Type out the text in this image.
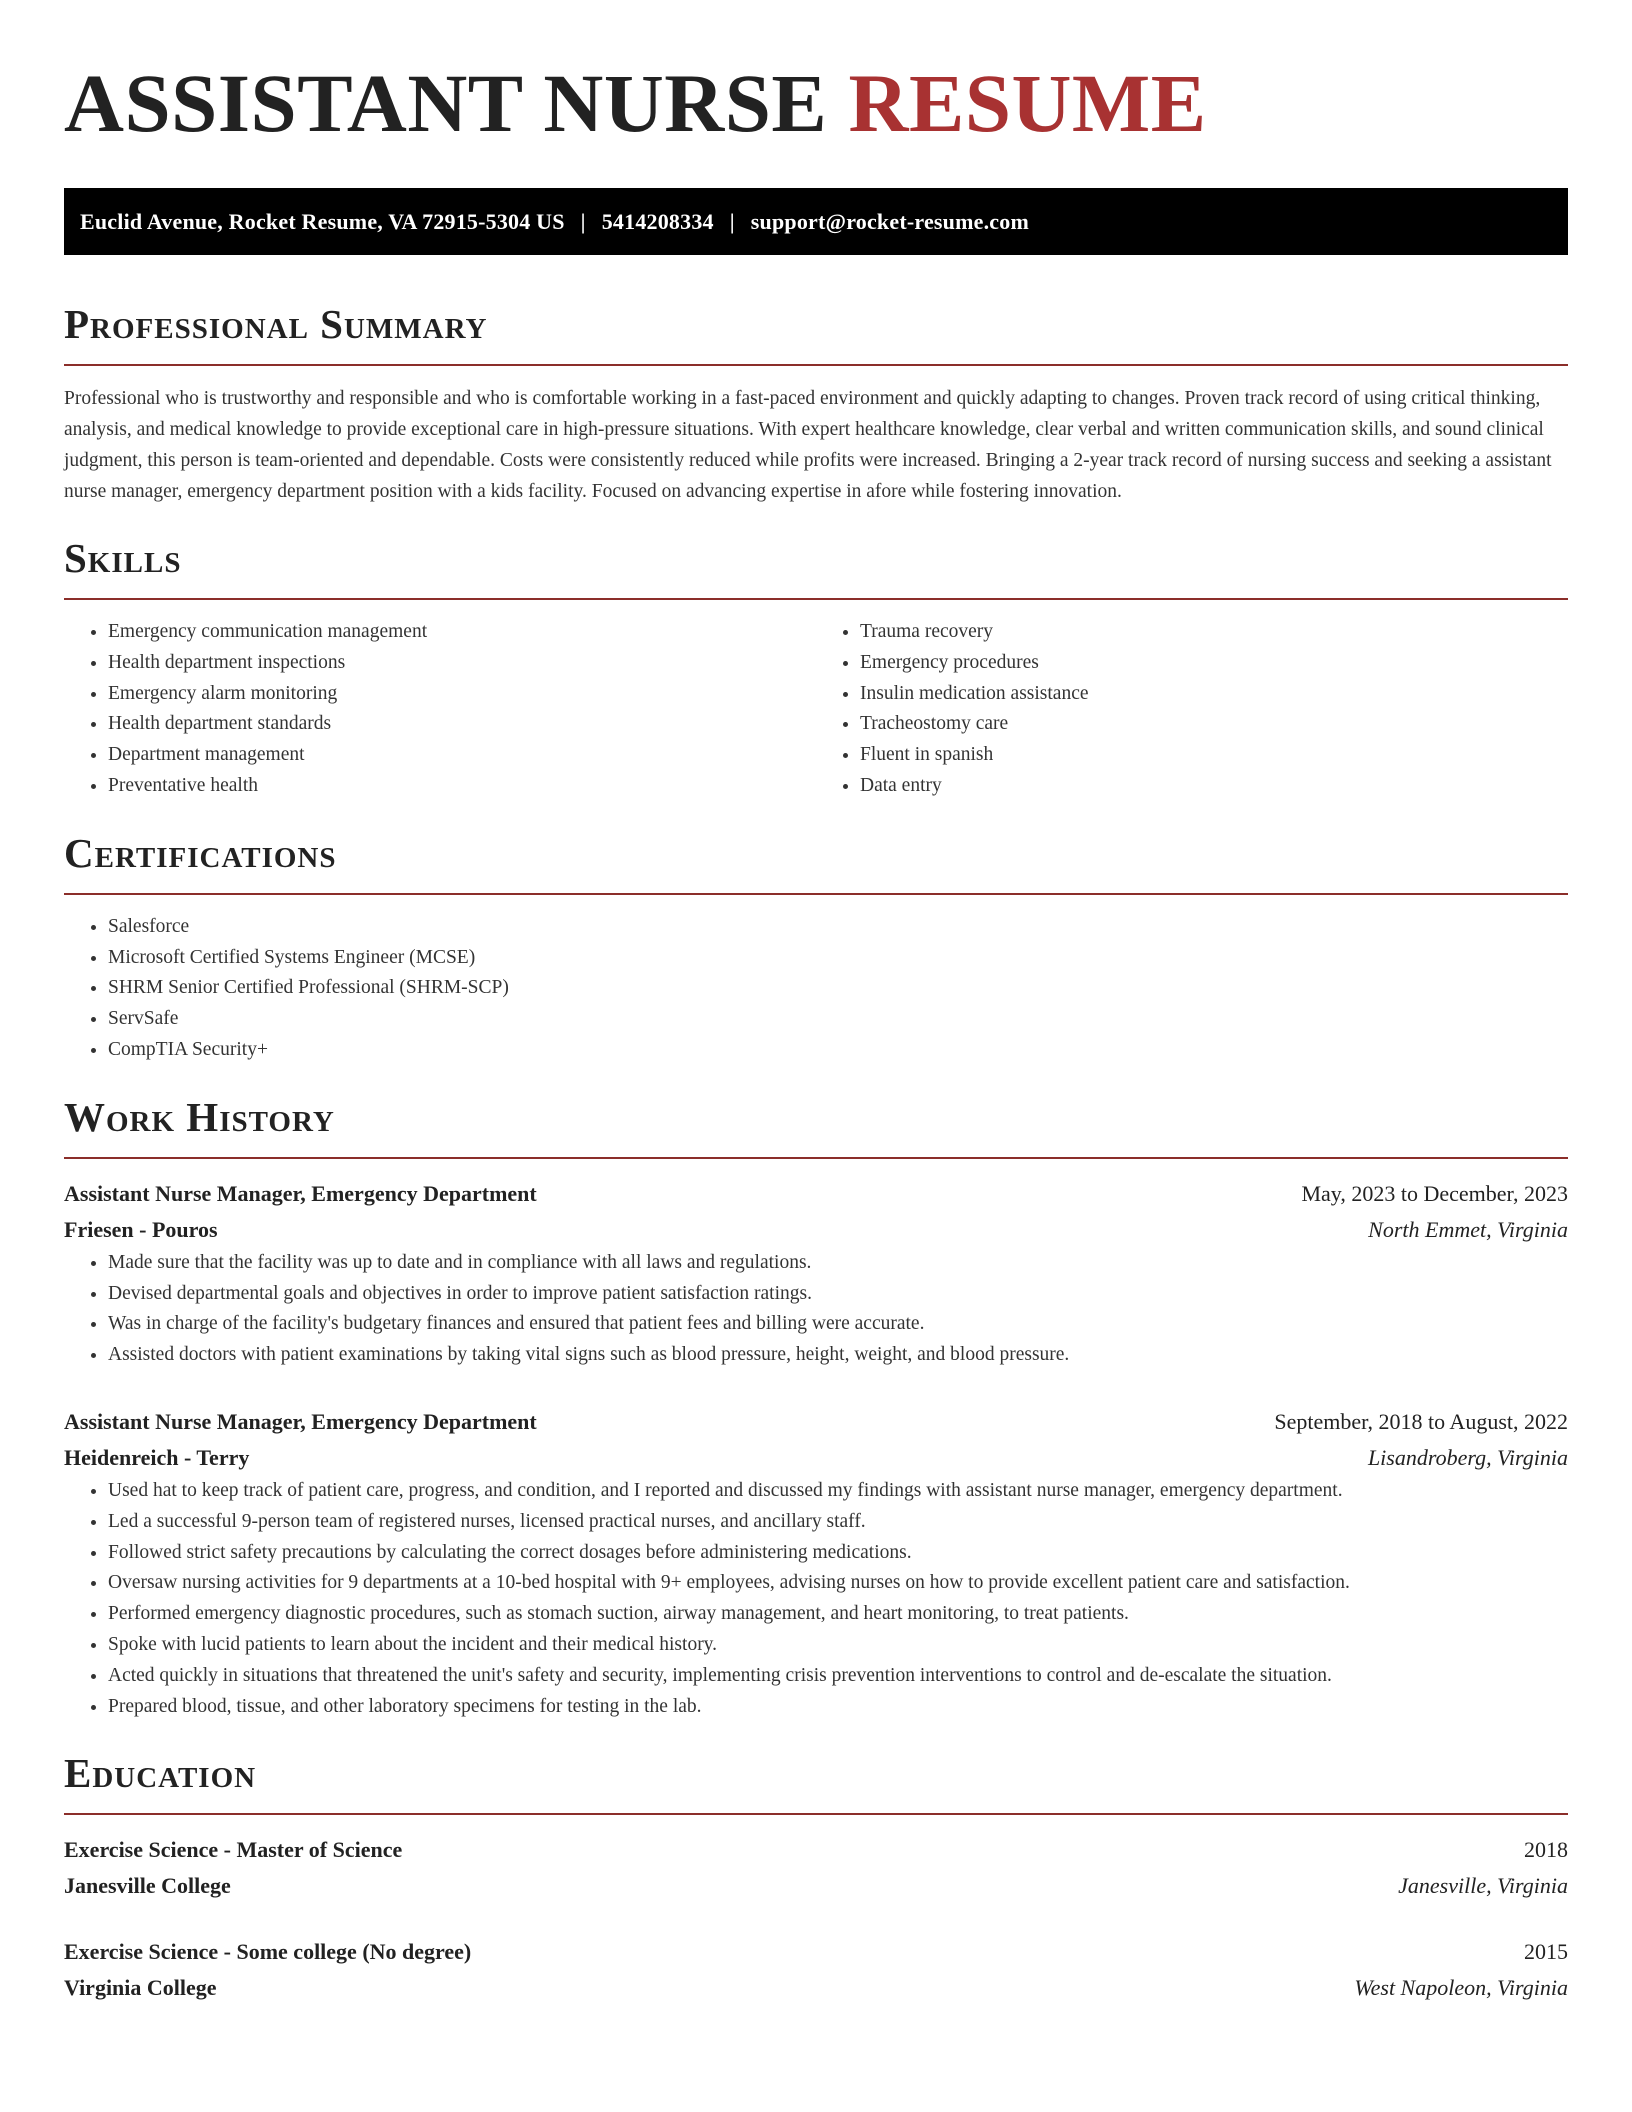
ASSISTANT NURSE RESUME
Euclid Avenue, Rocket Resume, VA 72915-5304 US | 5414208334 | support@rocket-resume.com
Professional Summary

Professional who is trustworthy and responsible and who is comfortable working in a fast-paced environment and quickly adapting to changes. Proven track record of using critical thinking, analysis, and medical knowledge to provide exceptional care in high-pressure situations. With expert healthcare knowledge, clear verbal and written communication skills, and sound clinical judgment, this person is team-oriented and dependable. Costs were consistently reduced while profits were increased. Bringing a 2-year track record of nursing success and seeking a assistant nurse manager, emergency department position with a kids facility. Focused on advancing expertise in afore while fostering innovation.

Skills
• Emergency communication management
• Health department inspections
• Emergency alarm monitoring
• Health department standards
• Department management
• Preventative health
• Trauma recovery
• Emergency procedures
• Insulin medication assistance
• Tracheostomy care
• Fluent in spanish
• Data entry
Certifications
• Salesforce
• Microsoft Certified Systems Engineer (MCSE)
• SHRM Senior Certified Professional (SHRM-SCP)
• ServSafe
• CompTIA Security+
Work History
Assistant Nurse Manager, Emergency Department	May, 2023 to December, 2023
Friesen - Pouros	North Emmet, Virginia
• Made sure that the facility was up to date and in compliance with all laws and regulations.
• Devised departmental goals and objectives in order to improve patient satisfaction ratings.
• Was in charge of the facility's budgetary finances and ensured that patient fees and billing were accurate.
• Assisted doctors with patient examinations by taking vital signs such as blood pressure, height, weight, and blood pressure.
Assistant Nurse Manager, Emergency Department	September, 2018 to August, 2022
Heidenreich - Terry	Lisandroberg, Virginia
• Used hat to keep track of patient care, progress, and condition, and I reported and discussed my findings with assistant nurse manager, emergency department.
• Led a successful 9-person team of registered nurses, licensed practical nurses, and ancillary staff.
• Followed strict safety precautions by calculating the correct dosages before administering medications.
• Oversaw nursing activities for 9 departments at a 10-bed hospital with 9+ employees, advising nurses on how to provide excellent patient care and satisfaction.
• Performed emergency diagnostic procedures, such as stomach suction, airway management, and heart monitoring, to treat patients.
• Spoke with lucid patients to learn about the incident and their medical history.
• Acted quickly in situations that threatened the unit's safety and security, implementing crisis prevention interventions to control and de-escalate the situation.
• Prepared blood, tissue, and other laboratory specimens for testing in the lab.
Education
Exercise Science - Master of Science	2018
Janesville College	Janesville, Virginia
Exercise Science - Some college (No degree)	2015
Virginia College	West Napoleon, Virginia
